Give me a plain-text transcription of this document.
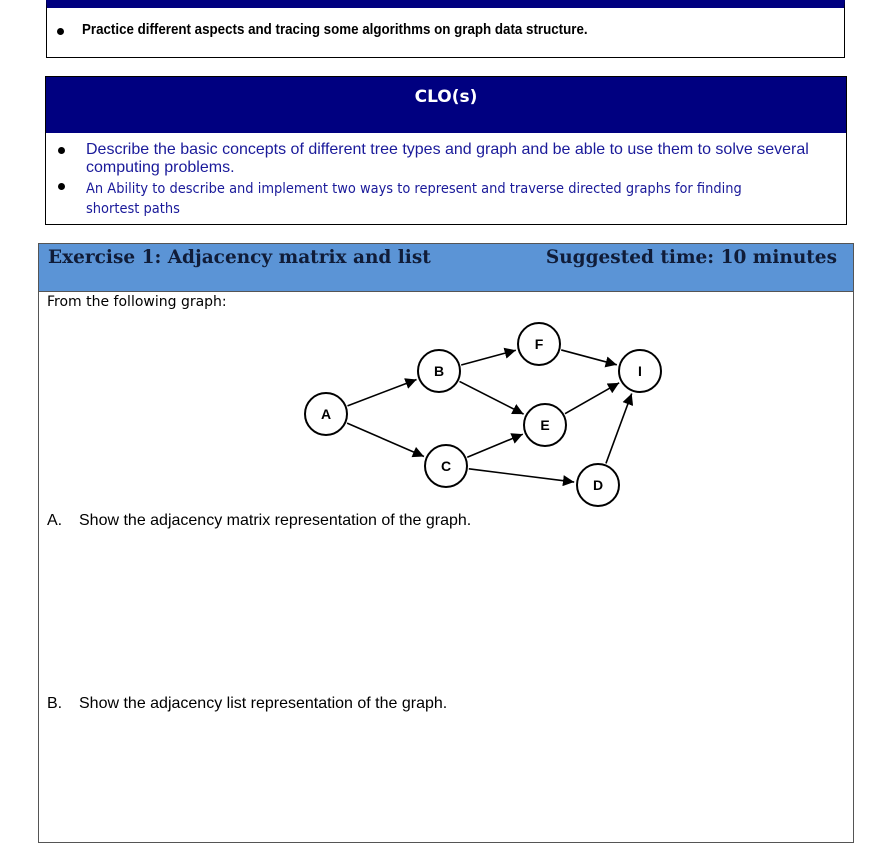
Practice different aspects and tracing some algorithms on graph data structure.
CLO(s)
Describe the basic concepts of different tree types and graph and be able to use them to solve several computing problems.
An Ability to describe and implement two ways to represent and traverse directed graphs for finding shortest paths
Exercise 1: Adjacency matrix and list	Suggested time: 10 minutes
From the following graph:
A
B
C
D
E
F
I
A. Show the adjacency matrix representation of the graph.
B. Show the adjacency list representation of the graph.
